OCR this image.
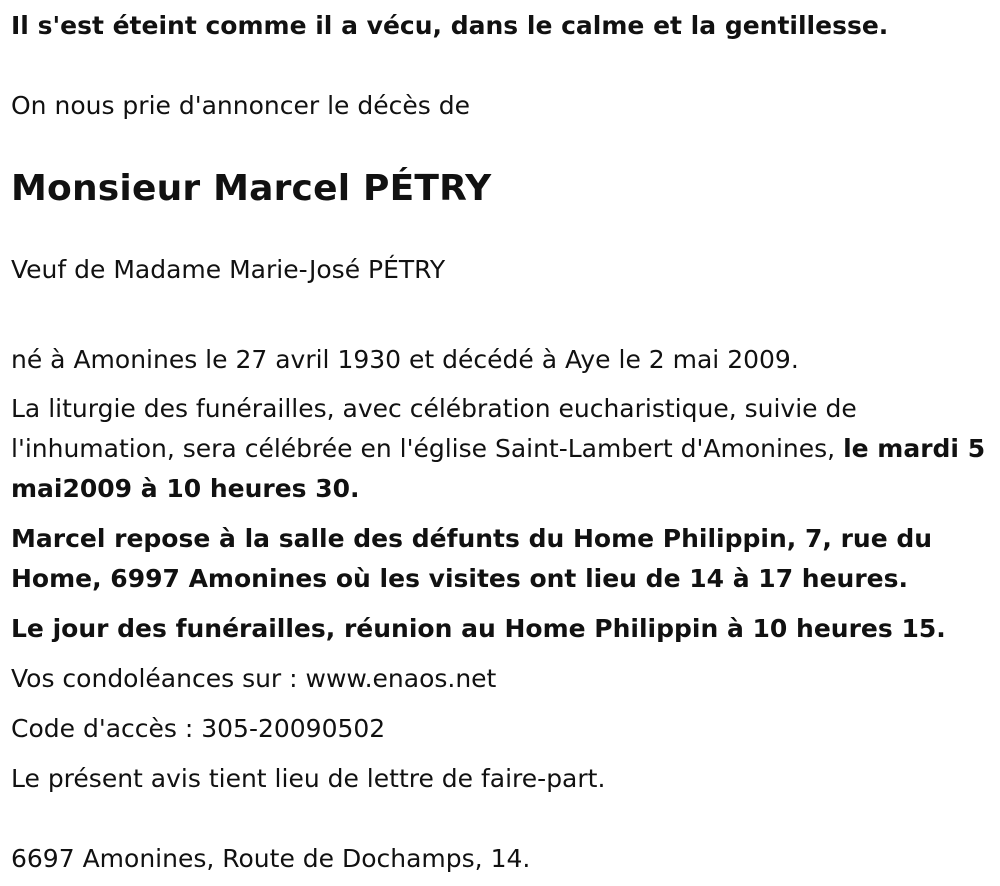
Il s'est éteint comme il a vécu, dans le calme et la gentillesse.

On nous prie d'annoncer le décès de

Monsieur Marcel PÉTRY

Veuf de Madame Marie-José PÉTRY

né à Amonines le 27 avril 1930 et décédé à Aye le 2 mai 2009.

La liturgie des funérailles, avec célébration eucharistique, suivie de l'inhumation, sera célébrée en l'église Saint-Lambert d'Amonines, le mardi 5 mai2009 à 10 heures 30.

Marcel repose à la salle des défunts du Home Philippin, 7, rue du Home, 6997 Amonines où les visites ont lieu de 14 à 17 heures.

Le jour des funérailles, réunion au Home Philippin à 10 heures 15.

Vos condoléances sur : www.enaos.net

Code d'accès : 305-20090502

Le présent avis tient lieu de lettre de faire-part.

6697 Amonines, Route de Dochamps, 14.
